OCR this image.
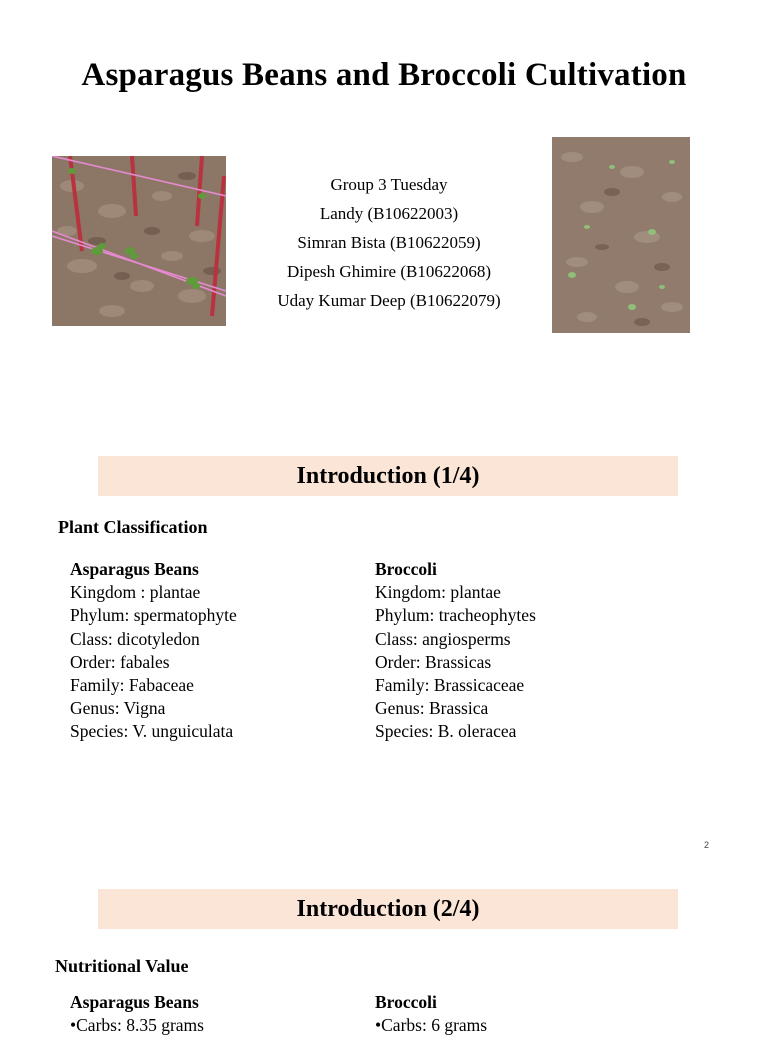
Asparagus Beans and Broccoli Cultivation
Group 3 Tuesday
Landy (B10622003)
Simran Bista (B10622059)
Dipesh Ghimire (B10622068)
Uday Kumar Deep (B10622079)
Introduction (1/4)
Plant Classification
Asparagus Beans
Kingdom : plantae
Phylum: spermatophyte
Class: dicotyledon
Order: fabales
Family: Fabaceae
Genus: Vigna
Species: V. unguiculata
Broccoli
Kingdom: plantae
Phylum: tracheophytes
Class: angiosperms
Order: Brassicas
Family: Brassicaceae
Genus: Brassica
Species: B. oleracea
2
Introduction (2/4)
Nutritional Value
Asparagus Beans
•Carbs: 8.35 grams
Broccoli
•Carbs: 6 grams
